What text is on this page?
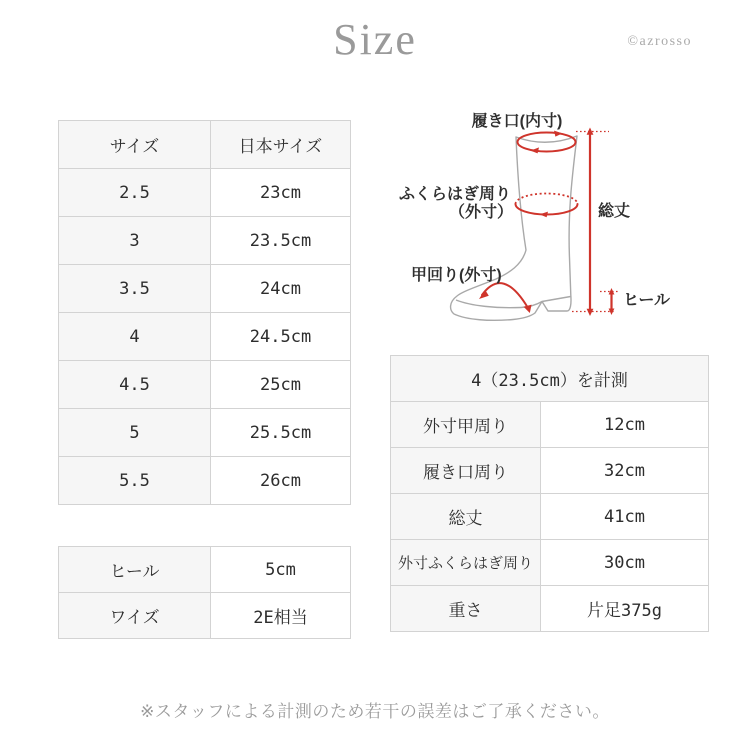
Size	©azrosso
サイズ	日本サイズ
2.5	23cm
3	23.5cm
3.5	24cm
4	24.5cm
4.5	25cm
5	25.5cm
5.5	26cm
ヒール	5cm
ワイズ	2E相当
4（23.5cm）を計測	
外寸甲周り	12cm
履き口周り	32cm
総丈	41cm
外寸ふくらはぎ周り	30cm
重さ	片足375g
履き口(内寸)
ふくらはぎ周り
（外寸）
甲回り(外寸)
総丈
ヒール
※スタッフによる計測のため若干の誤差はご了承ください。
